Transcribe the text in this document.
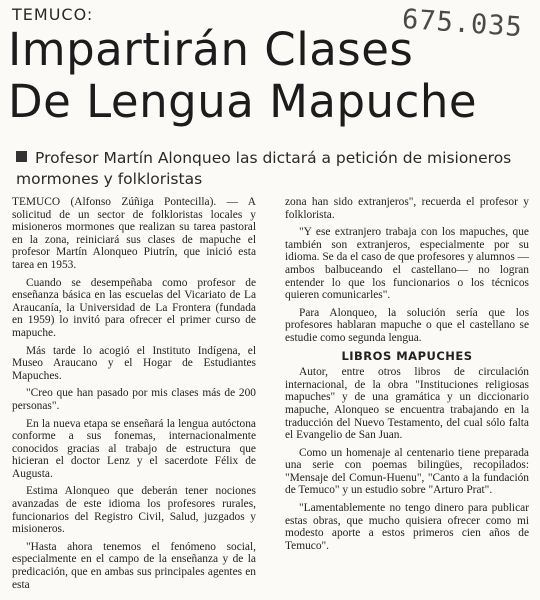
TEMUCO:	675.035
Impartirán Clases
De Lengua Mapuche
Profesor Martín Alonqueo las dictará a petición de misioneros mormones y folkloristas

TEMUCO (Alfonso Zúñiga Pontecilla). — A solicitud de un sector de folkloristas locales y misioneros mormones que realizan su tarea pastoral en la zona, reiniciará sus clases de mapuche el profesor Martín Alonqueo Piutrín, que inició esta tarea en 1953.

Cuando se desempeñaba como profesor de enseñanza básica en las escuelas del Vicariato de La Araucanía, la Universidad de La Frontera (fundada en 1959) lo invitó para ofrecer el primer curso de mapuche.

Más tarde lo acogió el Instituto Indígena, el Museo Araucano y el Hogar de Estudiantes Mapuches.

"Creo que han pasado por mis clases más de 200 personas".

En la nueva etapa se enseñará la lengua autóctona conforme a sus fonemas, internacionalmente conocidos gracias al trabajo de estructura que hicieran el doctor Lenz y el sacerdote Félix de Augusta.

Estima Alonqueo que deberán tener nociones avanzadas de este idioma los profesores rurales, funcionarios del Registro Civil, Salud, juzgados y misioneros.

"Hasta ahora tenemos el fenómeno social, especialmente en el campo de la enseñanza y de la predicación, que en ambas sus principales agentes en esta

zona han sido extranjeros", recuerda el profesor y folklorista.

"Y ese extranjero trabaja con los mapuches, que también son extranjeros, especialmente por su idioma. Se da el caso de que profesores y alumnos —ambos balbuceando el castellano— no logran entender lo que los funcionarios o los técnicos quieren comunicarles".

Para Alonqueo, la solución sería que los profesores hablaran mapuche o que el castellano se estudie como segunda lengua.

LIBROS MAPUCHES

Autor, entre otros libros de circulación internacional, de la obra "Instituciones religiosas mapuches" y de una gramática y un diccionario mapuche, Alonqueo se encuentra trabajando en la traducción del Nuevo Testamento, del cual sólo falta el Evangelio de San Juan.

Como un homenaje al centenario tiene preparada una serie con poemas bilingües, recopilados: "Mensaje del Comun-Huenu", "Canto a la fundación de Temuco" y un estudio sobre "Arturo Prat".

"Lamentablemente no tengo dinero para publicar estas obras, que mucho quisiera ofrecer como mi modesto aporte a estos primeros cien años de Temuco".
